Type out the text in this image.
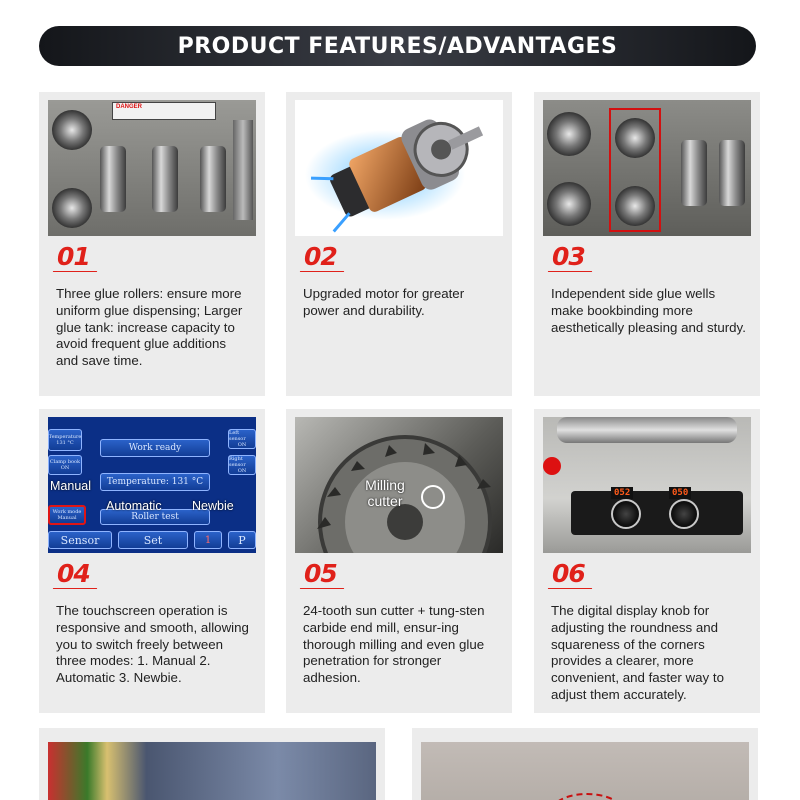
PRODUCT FEATURES/ADVANTAGES
DANGER
01
Three glue rollers: ensure more uniform glue dispensing; Larger glue tank: increase capacity to avoid frequent glue additions and save time.
02
Upgraded motor for greater power and durability.
03
Independent side glue wells make bookbinding more aesthetically pleasing and sturdy.
Temperature
131 °C
Clamp book
ON
Work mode
Manual
Work ready
Temperature: 131 °C
Roller test
Left sensor
ON
Right sensor
ON
Sensor	Set	1	P
Manual
Automatic Newbie
04
The touchscreen operation is responsive and smooth, allowing you to switch freely between three modes: 1. Manual 2. Automatic 3. Newbie.
Milling cutter
05
24-tooth sun cutter + tung-sten carbide end mill, ensur-ing thorough milling and even glue penetration for stronger adhesion.
052	050
06
The digital display knob for adjusting the roundness and squareness of the corners provides a clearer, more convenient, and faster way to adjust them accurately.
